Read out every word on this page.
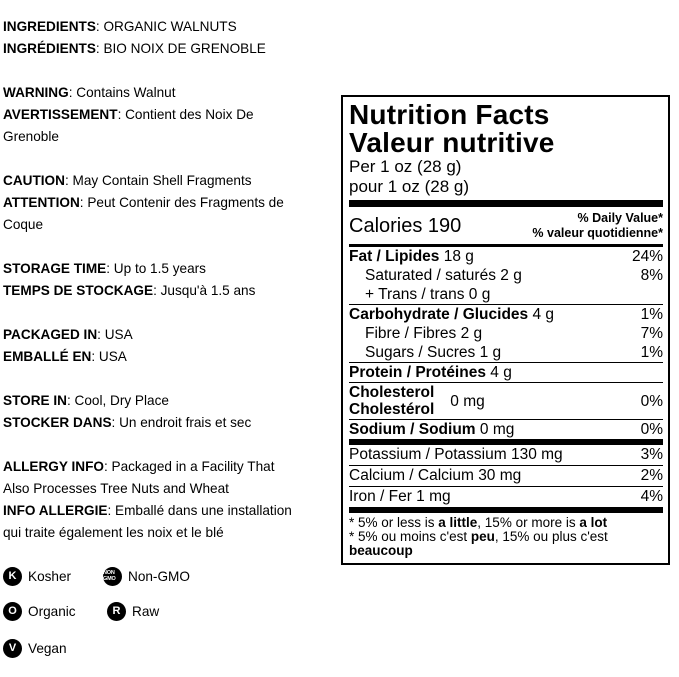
INGREDIENTS: ORGANIC WALNUTS
INGRÉDIENTS: BIO NOIX DE GRENOBLE
WARNING: Contains Walnut
AVERTISSEMENT: Contient des Noix De
Grenoble
CAUTION: May Contain Shell Fragments
ATTENTION: Peut Contenir des Fragments de
Coque
STORAGE TIME: Up to 1.5 years
TEMPS DE STOCKAGE: Jusqu'à 1.5 ans
PACKAGED IN: USA
EMBALLÉ EN: USA
STORE IN: Cool, Dry Place
STOCKER DANS: Un endroit frais et sec
ALLERGY INFO: Packaged in a Facility That
Also Processes Tree Nuts and Wheat
INFO ALLERGIE: Emballé dans une installation
qui traite également les noix et le blé
K Kosher	NON GMO Non-GMO
O Organic	R Raw
V Vegan
Nutrition Facts
Valeur nutritive
Per 1 oz (28 g)
pour 1 oz (28 g)
Calories 190	% Daily Value*
% valeur quotidienne*
Fat / Lipides 18 g	24%
Saturated / saturés 2 g	8%
+ Trans / trans 0 g
Carbohydrate / Glucides 4 g	1%
Fibre / Fibres 2 g	7%
Sugars / Sucres 1 g	1%
Protein / Protéines 4 g
Cholesterol
Cholestérol 0 mg	0%
Sodium / Sodium 0 mg	0%
Potassium / Potassium 130 mg	3%
Calcium / Calcium 30 mg	2%
Iron / Fer 1 mg	4%
* 5% or less is a little, 15% or more is a lot
* 5% ou moins c'est peu, 15% ou plus c'est
beaucoup
